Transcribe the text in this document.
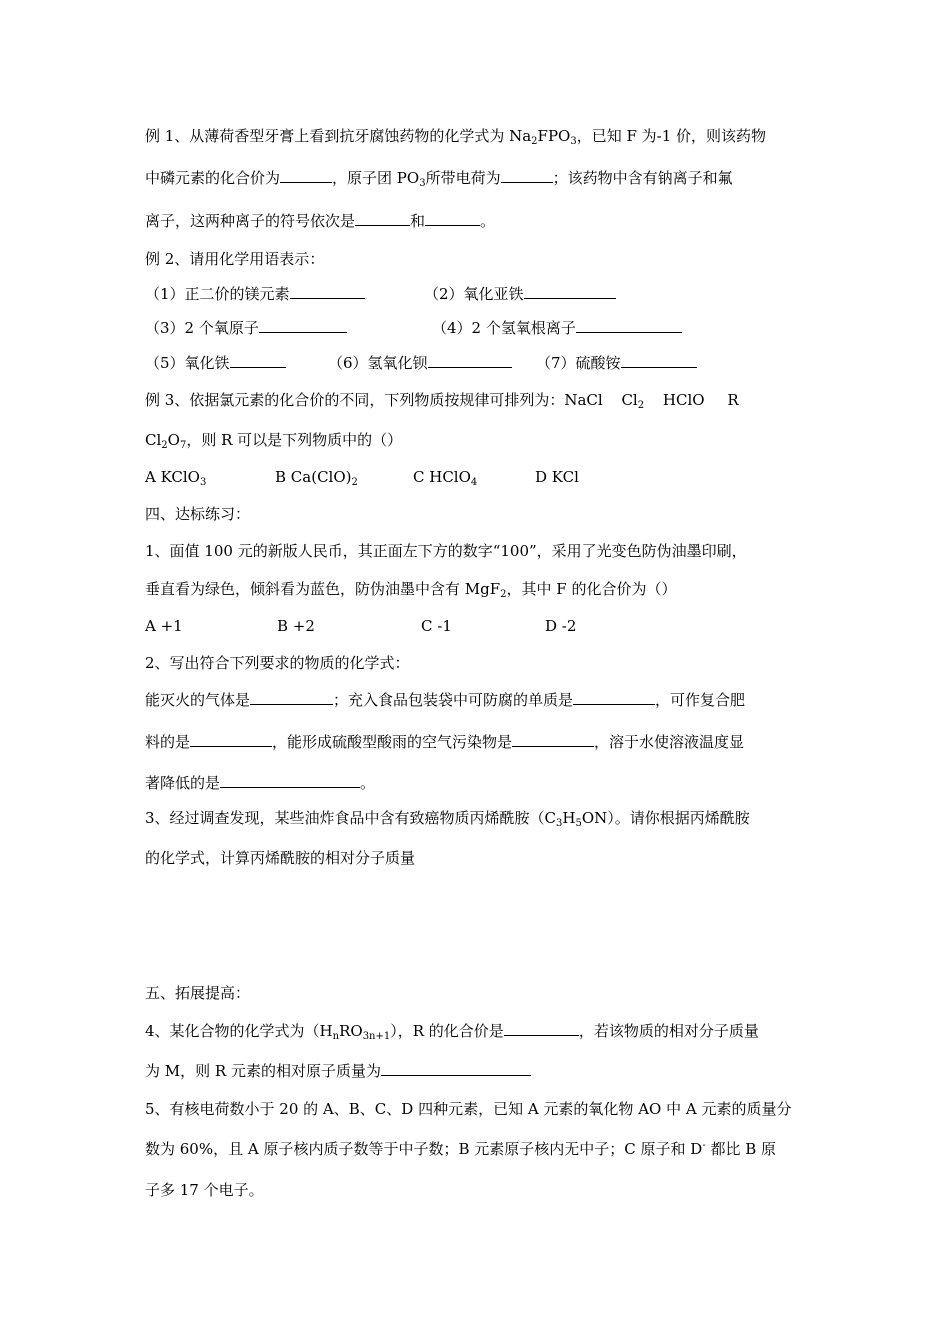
例 1、从薄荷香型牙膏上看到抗牙腐蚀药物的化学式为 $Na_2FPO_3$，已知 F 为-1 价，则该药物
中磷元素的化合价为	，原子团 $PO_3$所带电荷为	；该药物中含有钠离子和氟
离子，这两种离子的符号依次是	和	。
例 2、请用化学用语表示：
（1）正二价的镁元素	（2）氧化亚铁
（3）2 个氧原子	（4）2 个氢氧根离子
（5）氧化铁	（6）氢氧化钡	（7）硫酸铵
例 3、依据氯元素的化合价的不同，下列物质按规律可排列为：NaCl $Cl_2$ HClO R
$Cl_2O_7$，则 R 可以是下列物质中的（）
A KClO$_3$	B $Ca(ClO)_2$	C HClO$_4$	D KCl
四、达标练习：
1、面值 100 元的新版人民币，其正面左下方的数字“100”，采用了光变色防伪油墨印刷，
垂直看为绿色，倾斜看为蓝色，防伪油墨中含有 MgF$_2$，其中 F 的化合价为（）
A +1	B +2	C -1	D -2
2、写出符合下列要求的物质的化学式：
能灭火的气体是	；充入食品包装袋中可防腐的单质是	，可作复合肥
料的是	，能形成硫酸型酸雨的空气污染物是	，溶于水使溶液温度显
著降低的是	。
3、经过调查发现，某些油炸食品中含有致癌物质丙烯酰胺$(C_3H_5ON)$。请你根据丙烯酰胺
的化学式，计算丙烯酰胺的相对分子质量
五、拓展提高：
4、某化合物的化学式为$(H_nRO_{3n+1})$，R 的化合价是	，若该物质的相对分子质量
为 M，则 R 元素的相对原子质量为
5、有核电荷数小于 20 的 A、B、C、D 四种元素，已知 A 元素的氧化物 AO 中 A 元素的质量分
数为 60%，且 A 原子核内质子数等于中子数；B 元素原子核内无中子；C 原子和 D- 都比 B 原
子多 17 个电子。
